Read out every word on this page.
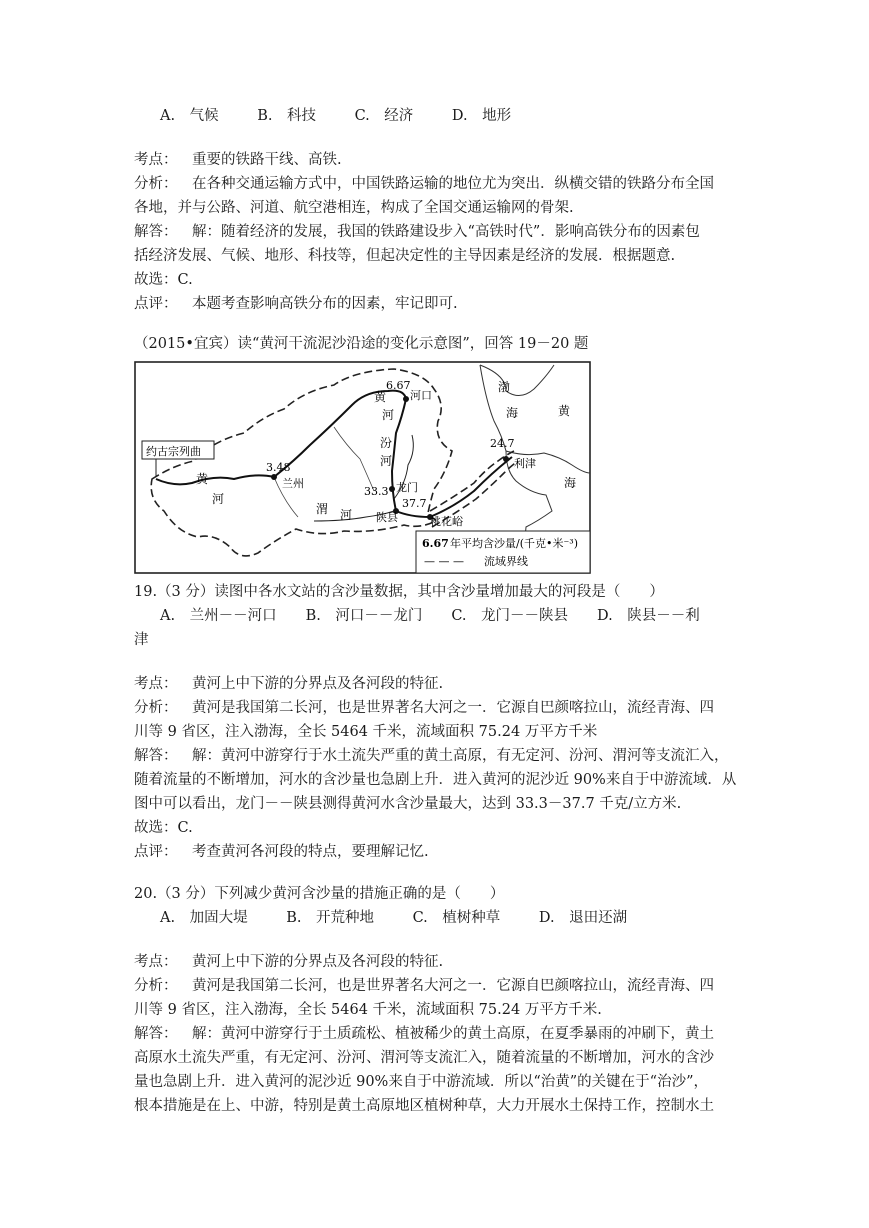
A.　气候	B.　科技	C.　经济	D.　地形
考点： 重要的铁路干线、高铁.
分析： 在各种交通运输方式中，中国铁路运输的地位尤为突出．纵横交错的铁路分布全国
各地，并与公路、河道、航空港相连，构成了全国交通运输网的骨架.
解答： 解：随着经济的发展，我国的铁路建设步入“高铁时代”．影响高铁分布的因素包
括经济发展、气候、地形、科技等，但起决定性的主导因素是经济的发展．根据题意.
故选：C.
点评： 本题考查影响高铁分布的因素，牢记即可.
（2015•宜宾）读“黄河干流泥沙沿途的变化示意图”，回答 19－20 题
约古宗列曲
3.48
兰州
6.67
河口
33.3 龙门
37.7
陕县	桃花峪
24.7
利津
黄
河
黄
河
汾
河
渭 河
渤
海	黄
海
6.67 年平均含沙量/(千克•米⁻³)
— — — 流域界线
19.（3 分）读图中各水文站的含沙量数据，其中含沙量增加最大的河段是（　　）
A.　兰州－－河口　　B.　河口－－龙门　　C.　龙门－－陕县　　D.　陕县－－利
津
考点： 黄河上中下游的分界点及各河段的特征.
分析： 黄河是我国第二长河，也是世界著名大河之一．它源自巴颜喀拉山，流经青海、四
川等 9 省区，注入渤海，全长 5464 千米，流域面积 75.24 万平方千米
解答： 解：黄河中游穿行于水土流失严重的黄土高原，有无定河、汾河、渭河等支流汇入，
随着流量的不断增加，河水的含沙量也急剧上升．进入黄河的泥沙近 90%来自于中游流域．从
图中可以看出，龙门－－陕县测得黄河水含沙量最大，达到 33.3－37.7 千克/立方米.
故选：C.
点评： 考查黄河各河段的特点，要理解记忆.
20.（3 分）下列减少黄河含沙量的措施正确的是（　　）
A.　加固大堤	B.　开荒种地	C.　植树种草	D.　退田还湖
考点： 黄河上中下游的分界点及各河段的特征.
分析： 黄河是我国第二长河，也是世界著名大河之一．它源自巴颜喀拉山，流经青海、四
川等 9 省区，注入渤海，全长 5464 千米，流域面积 75.24 万平方千米.
解答： 解：黄河中游穿行于土质疏松、植被稀少的黄土高原，在夏季暴雨的冲刷下，黄土
高原水土流失严重，有无定河、汾河、渭河等支流汇入，随着流量的不断增加，河水的含沙
量也急剧上升．进入黄河的泥沙近 90%来自于中游流域．所以“治黄”的关键在于“治沙”，
根本措施是在上、中游，特别是黄土高原地区植树种草，大力开展水土保持工作，控制水土
